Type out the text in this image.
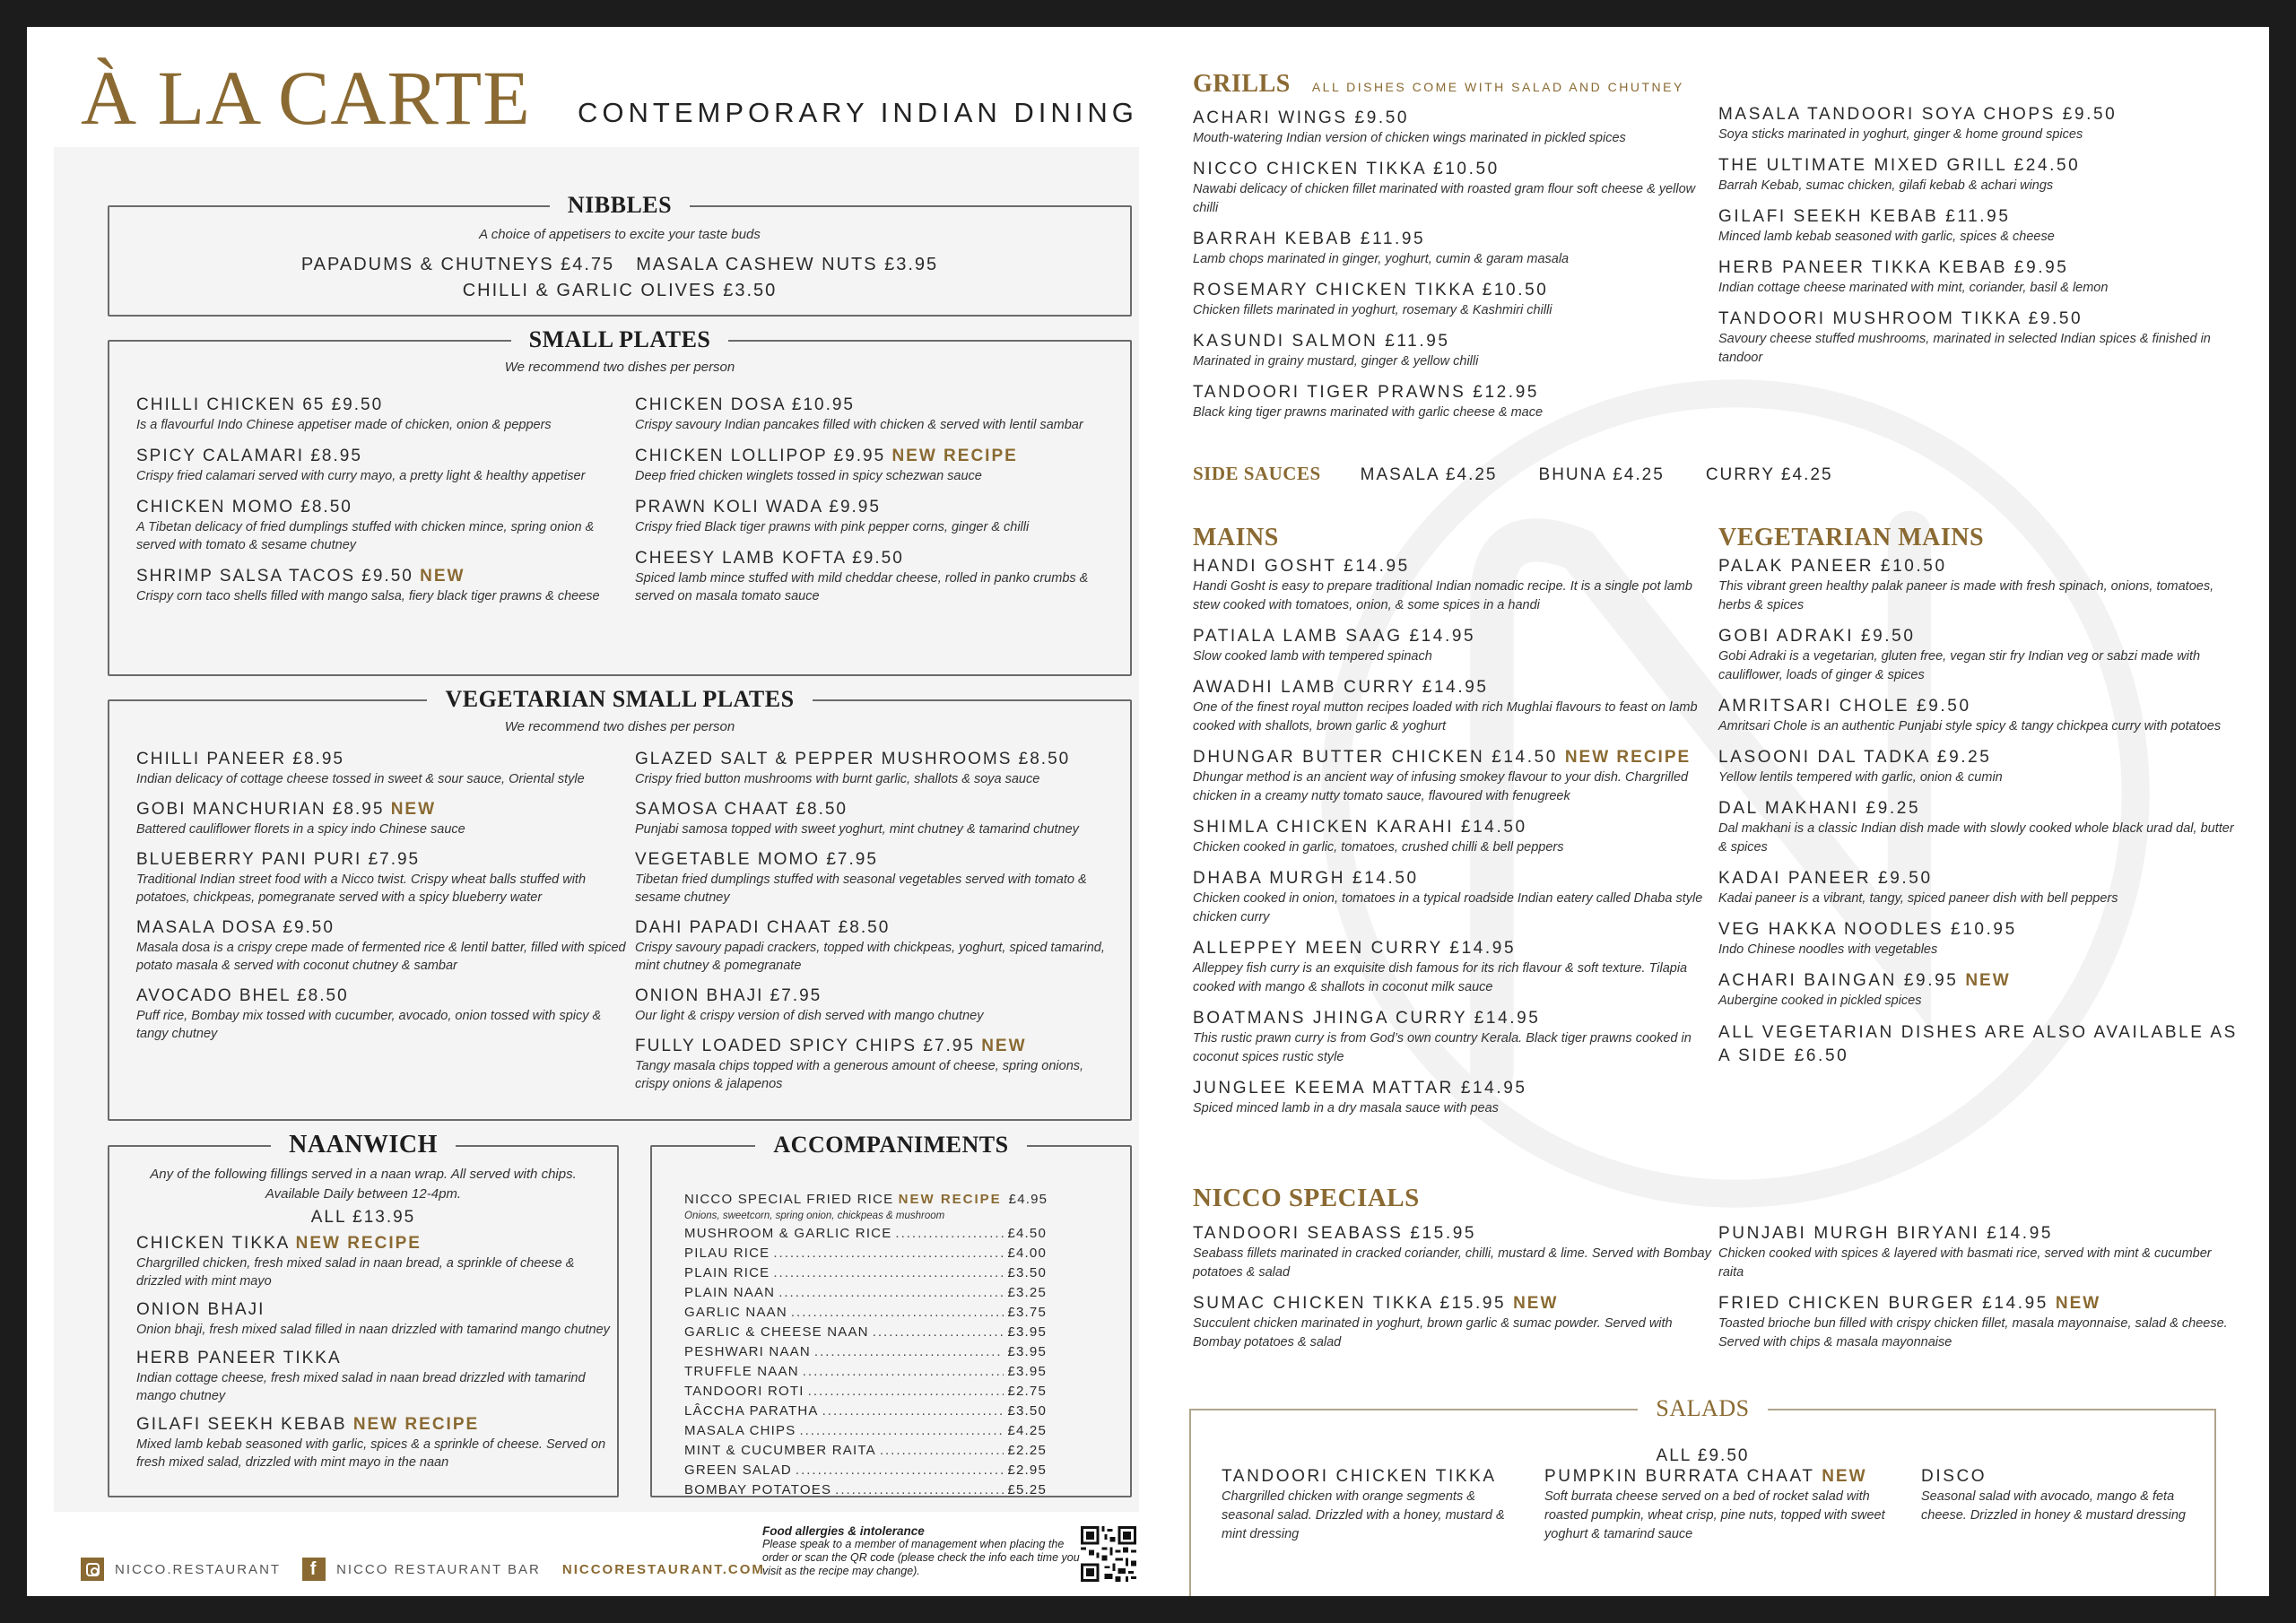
À LA CARTE CONTEMPORARY INDIAN DINING
NIBBLES
A choice of appetisers to excite your taste buds
PAPADUMS & CHUTNEYS £4.75 MASALA CASHEW NUTS £3.95
CHILLI & GARLIC OLIVES £3.50
SMALL PLATES
We recommend two dishes per person
CHILLI CHICKEN 65 £9.50
Is a flavourful Indo Chinese appetiser made of chicken, onion & peppers
SPICY CALAMARI £8.95
Crispy fried calamari served with curry mayo, a pretty light & healthy appetiser
CHICKEN MOMO £8.50
A Tibetan delicacy of fried dumplings stuffed with chicken mince, spring onion & served with tomato & sesame chutney
SHRIMP SALSA TACOS £9.50 NEW
Crispy corn taco shells filled with mango salsa, fiery black tiger prawns & cheese
CHICKEN DOSA £10.95
Crispy savoury Indian pancakes filled with chicken & served with lentil sambar
CHICKEN LOLLIPOP £9.95 NEW RECIPE
Deep fried chicken winglets tossed in spicy schezwan sauce
PRAWN KOLI WADA £9.95
Crispy fried Black tiger prawns with pink pepper corns, ginger & chilli
CHEESY LAMB KOFTA £9.50
Spiced lamb mince stuffed with mild cheddar cheese, rolled in panko crumbs & served on masala tomato sauce
VEGETARIAN SMALL PLATES
We recommend two dishes per person
CHILLI PANEER £8.95
Indian delicacy of cottage cheese tossed in sweet & sour sauce, Oriental style
GOBI MANCHURIAN £8.95 NEW
Battered cauliflower florets in a spicy indo Chinese sauce
BLUEBERRY PANI PURI £7.95
Traditional Indian street food with a Nicco twist. Crispy wheat balls stuffed with potatoes, chickpeas, pomegranate served with a spicy blueberry water
MASALA DOSA £9.50
Masala dosa is a crispy crepe made of fermented rice & lentil batter, filled with spiced potato masala & served with coconut chutney & sambar
AVOCADO BHEL £8.50
Puff rice, Bombay mix tossed with cucumber, avocado, onion tossed with spicy & tangy chutney
GLAZED SALT & PEPPER MUSHROOMS £8.50
Crispy fried button mushrooms with burnt garlic, shallots & soya sauce
SAMOSA CHAAT £8.50
Punjabi samosa topped with sweet yoghurt, mint chutney & tamarind chutney
VEGETABLE MOMO £7.95
Tibetan fried dumplings stuffed with seasonal vegetables served with tomato & sesame chutney
DAHI PAPADI CHAAT £8.50
Crispy savoury papadi crackers, topped with chickpeas, yoghurt, spiced tamarind, mint chutney & pomegranate
ONION BHAJI £7.95
Our light & crispy version of dish served with mango chutney
FULLY LOADED SPICY CHIPS £7.95 NEW
Tangy masala chips topped with a generous amount of cheese, spring onions, crispy onions & jalapenos
NAANWICH
Any of the following fillings served in a naan wrap. All served with chips.
Available Daily between 12-4pm.
ALL £13.95
CHICKEN TIKKA NEW RECIPE
Chargrilled chicken, fresh mixed salad in naan bread, a sprinkle of cheese & drizzled with mint mayo
ONION BHAJI
Onion bhaji, fresh mixed salad filled in naan drizzled with tamarind mango chutney
HERB PANEER TIKKA
Indian cottage cheese, fresh mixed salad in naan bread drizzled with tamarind mango chutney
GILAFI SEEKH KEBAB NEW RECIPE
Mixed lamb kebab seasoned with garlic, spices & a sprinkle of cheese. Served on fresh mixed salad, drizzled with mint mayo in the naan
ACCOMPANIMENTS
NICCO SPECIAL FRIED RICE NEW RECIPE £4.95
Onions, sweetcorn, spring onion, chickpeas & mushroom
MUSHROOM & GARLIC RICE .....	£4.50
PILAU RICE .....	£4.00
PLAIN RICE .....	£3.50
PLAIN NAAN .....	£3.25
GARLIC NAAN .....	£3.75
GARLIC & CHEESE NAAN .....	£3.95
PESHWARI NAAN .....	£3.95
TRUFFLE NAAN .....	£3.95
TANDOORI ROTI .....	£2.75
LÂCCHA PARATHA .....	£3.50
MASALA CHIPS .....	£4.25
MINT & CUCUMBER RAITA .....	£2.25
GREEN SALAD .....	£2.95
BOMBAY POTATOES .....	£5.25
NICCO.RESTAURANT	f	NICCO RESTAURANT BAR NICCORESTAURANT.COM
Food allergies & intolerance
Please speak to a member of management when placing the order or scan the QR code (please check the info each time you visit as the recipe may change).
GRILLS ALL DISHES COME WITH SALAD AND CHUTNEY
ACHARI WINGS £9.50
Mouth-watering Indian version of chicken wings marinated in pickled spices
NICCO CHICKEN TIKKA £10.50
Nawabi delicacy of chicken fillet marinated with roasted gram flour soft cheese & yellow chilli
BARRAH KEBAB £11.95
Lamb chops marinated in ginger, yoghurt, cumin & garam masala
ROSEMARY CHICKEN TIKKA £10.50
Chicken fillets marinated in yoghurt, rosemary & Kashmiri chilli
KASUNDI SALMON £11.95
Marinated in grainy mustard, ginger & yellow chilli
TANDOORI TIGER PRAWNS £12.95
Black king tiger prawns marinated with garlic cheese & mace
MASALA TANDOORI SOYA CHOPS £9.50
Soya sticks marinated in yoghurt, ginger & home ground spices
THE ULTIMATE MIXED GRILL £24.50
Barrah Kebab, sumac chicken, gilafi kebab & achari wings
GILAFI SEEKH KEBAB £11.95
Minced lamb kebab seasoned with garlic, spices & cheese
HERB PANEER TIKKA KEBAB £9.95
Indian cottage cheese marinated with mint, coriander, basil & lemon
TANDOORI MUSHROOM TIKKA £9.50
Savoury cheese stuffed mushrooms, marinated in selected Indian spices & finished in tandoor
SIDE SAUCES MASALA £4.25 BHUNA £4.25 CURRY £4.25
MAINS
HANDI GOSHT £14.95
Handi Gosht is easy to prepare traditional Indian nomadic recipe. It is a single pot lamb stew cooked with tomatoes, onion, & some spices in a handi
PATIALA LAMB SAAG £14.95
Slow cooked lamb with tempered spinach
AWADHI LAMB CURRY £14.95
One of the finest royal mutton recipes loaded with rich Mughlai flavours to feast on lamb cooked with shallots, brown garlic & yoghurt
DHUNGAR BUTTER CHICKEN £14.50 NEW RECIPE
Dhungar method is an ancient way of infusing smokey flavour to your dish. Chargrilled chicken in a creamy nutty tomato sauce, flavoured with fenugreek
SHIMLA CHICKEN KARAHI £14.50
Chicken cooked in garlic, tomatoes, crushed chilli & bell peppers
DHABA MURGH £14.50
Chicken cooked in onion, tomatoes in a typical roadside Indian eatery called Dhaba style chicken curry
ALLEPPEY MEEN CURRY £14.95
Alleppey fish curry is an exquisite dish famous for its rich flavour & soft texture. Tilapia cooked with mango & shallots in coconut milk sauce
BOATMANS JHINGA CURRY £14.95
This rustic prawn curry is from God’s own country Kerala. Black tiger prawns cooked in coconut spices rustic style
JUNGLEE KEEMA MATTAR £14.95
Spiced minced lamb in a dry masala sauce with peas
VEGETARIAN MAINS
PALAK PANEER £10.50
This vibrant green healthy palak paneer is made with fresh spinach, onions, tomatoes, herbs & spices
GOBI ADRAKI £9.50
Gobi Adraki is a vegetarian, gluten free, vegan stir fry Indian veg or sabzi made with cauliflower, loads of ginger & spices
AMRITSARI CHOLE £9.50
Amritsari Chole is an authentic Punjabi style spicy & tangy chickpea curry with potatoes
LASOONI DAL TADKA £9.25
Yellow lentils tempered with garlic, onion & cumin
DAL MAKHANI £9.25
Dal makhani is a classic Indian dish made with slowly cooked whole black urad dal, butter & spices
KADAI PANEER £9.50
Kadai paneer is a vibrant, tangy, spiced paneer dish with bell peppers
VEG HAKKA NOODLES £10.95
Indo Chinese noodles with vegetables
ACHARI BAINGAN £9.95 NEW
Aubergine cooked in pickled spices
ALL VEGETARIAN DISHES ARE ALSO AVAILABLE AS A SIDE £6.50
NICCO SPECIALS
TANDOORI SEABASS £15.95
Seabass fillets marinated in cracked coriander, chilli, mustard & lime. Served with Bombay potatoes & salad
SUMAC CHICKEN TIKKA £15.95 NEW
Succulent chicken marinated in yoghurt, brown garlic & sumac powder. Served with Bombay potatoes & salad
PUNJABI MURGH BIRYANI £14.95
Chicken cooked with spices & layered with basmati rice, served with mint & cucumber raita
FRIED CHICKEN BURGER £14.95 NEW
Toasted brioche bun filled with crispy chicken fillet, masala mayonnaise, salad & cheese. Served with chips & masala mayonnaise
SALADS
ALL £9.50
TANDOORI CHICKEN TIKKA
Chargrilled chicken with orange segments & seasonal salad. Drizzled with a honey, mustard & mint dressing
PUMPKIN BURRATA CHAAT NEW
Soft burrata cheese served on a bed of rocket salad with roasted pumpkin, wheat crisp, pine nuts, topped with sweet yoghurt & tamarind sauce
DISCO
Seasonal salad with avocado, mango & feta cheese. Drizzled in honey & mustard dressing
